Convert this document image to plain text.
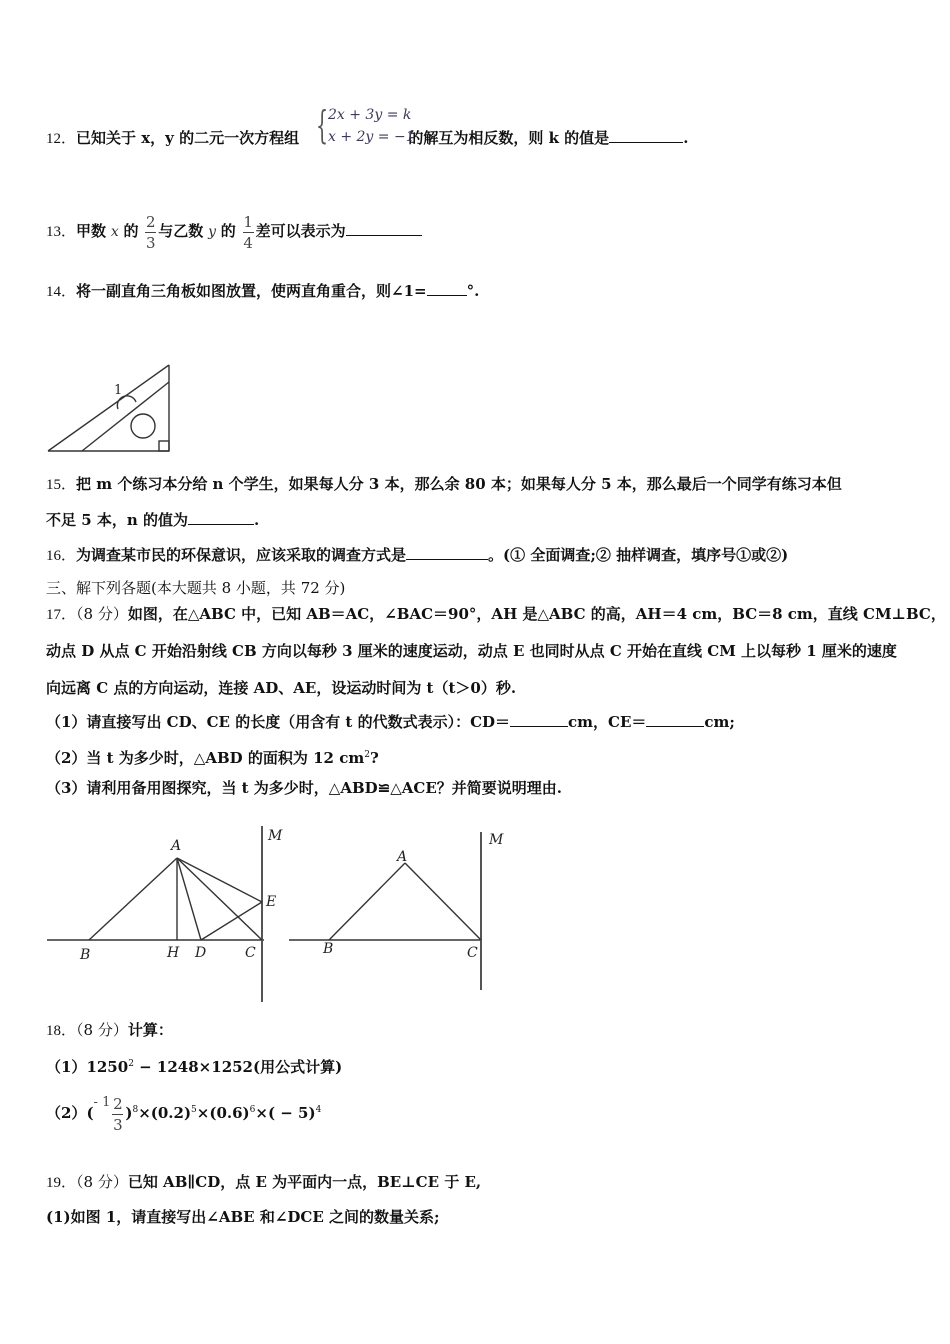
12．已知关于 x，y 的二元一次方程组	的解互为相反数，则 k 的值是	.
{ 2x + 3y = k
x + 2y = −1
13．甲数 x 的 $\frac{2}{3}$ 与乙数 y 的 $\frac{1}{4}$ 差可以表示为
14．将一副直角三角板如图放置，使两直角重合，则∠1=	°.
1
15．把 m 个练习本分给 n 个学生，如果每人分 3 本，那么余 80 本；如果每人分 5 本，那么最后一个同学有练习本但
不足 5 本，n 的值为	.
16．为调查某市民的环保意识，应该采取的调查方式是	。(① 全面调查;② 抽样调查，填序号①或②)
三、解下列各题(本大题共 8 小题，共 72 分)
17．（8 分）如图，在△ABC 中，已知 AB＝AC，∠BAC＝90°，AH 是△ABC 的高，AH＝4 cm，BC＝8 cm，直线 CM⊥BC，
动点 D 从点 C 开始沿射线 CB 方向以每秒 3 厘米的速度运动，动点 E 也同时从点 C 开始在直线 CM 上以每秒 1 厘米的速度
向远离 C 点的方向运动，连接 AD、AE，设运动时间为 t（t＞0）秒.
（1）请直接写出 CD、CE 的长度（用含有 t 的代数式表示）：CD＝	cm，CE＝	cm;
（2）当 t 为多少时，△ABD 的面积为 12 $cm^2$?
（3）请利用备用图探究，当 t 为多少时，△ABD≌△ACE？并简要说明理由.
A
B	H D	C
E
M
A
B	C
M
18．（8 分）计算：
$(1)1250^2 - 1248\times 1252$(用公式计算)
（2）(- $1 \frac{2}{3} )^8\times(0.2)^5\times(0.6)^6\times( - 5)^4$
19．（8 分）已知 AB∥CD，点 E 为平面内一点，BE⊥CE 于 E,
(1)如图 1，请直接写出∠ABE 和∠DCE 之间的数量关系;
